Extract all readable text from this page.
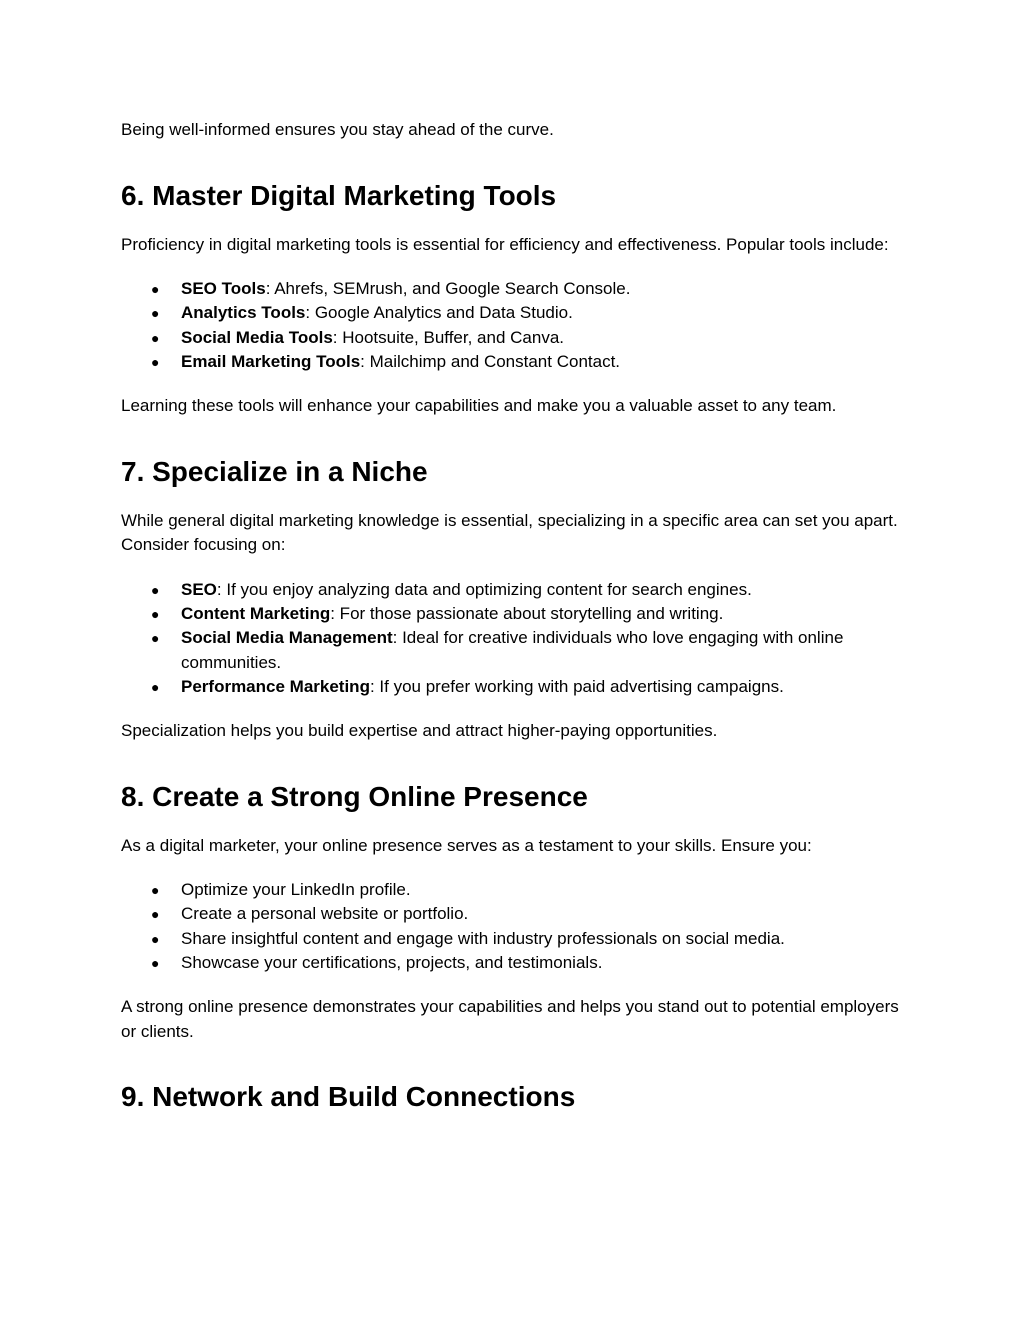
Being well-informed ensures you stay ahead of the curve.

6. Master Digital Marketing Tools

Proficiency in digital marketing tools is essential for efficiency and effectiveness. Popular tools include:

● SEO Tools: Ahrefs, SEMrush, and Google Search Console.
● Analytics Tools: Google Analytics and Data Studio.
● Social Media Tools: Hootsuite, Buffer, and Canva.
● Email Marketing Tools: Mailchimp and Constant Contact.

Learning these tools will enhance your capabilities and make you a valuable asset to any team.

7. Specialize in a Niche

While general digital marketing knowledge is essential, specializing in a specific area can set you apart. Consider focusing on:

● SEO: If you enjoy analyzing data and optimizing content for search engines.
● Content Marketing: For those passionate about storytelling and writing.
● Social Media Management: Ideal for creative individuals who love engaging with online communities.
● Performance Marketing: If you prefer working with paid advertising campaigns.

Specialization helps you build expertise and attract higher-paying opportunities.

8. Create a Strong Online Presence

As a digital marketer, your online presence serves as a testament to your skills. Ensure you:

● Optimize your LinkedIn profile.
● Create a personal website or portfolio.
● Share insightful content and engage with industry professionals on social media.
● Showcase your certifications, projects, and testimonials.

A strong online presence demonstrates your capabilities and helps you stand out to potential employers or clients.

9. Network and Build Connections
